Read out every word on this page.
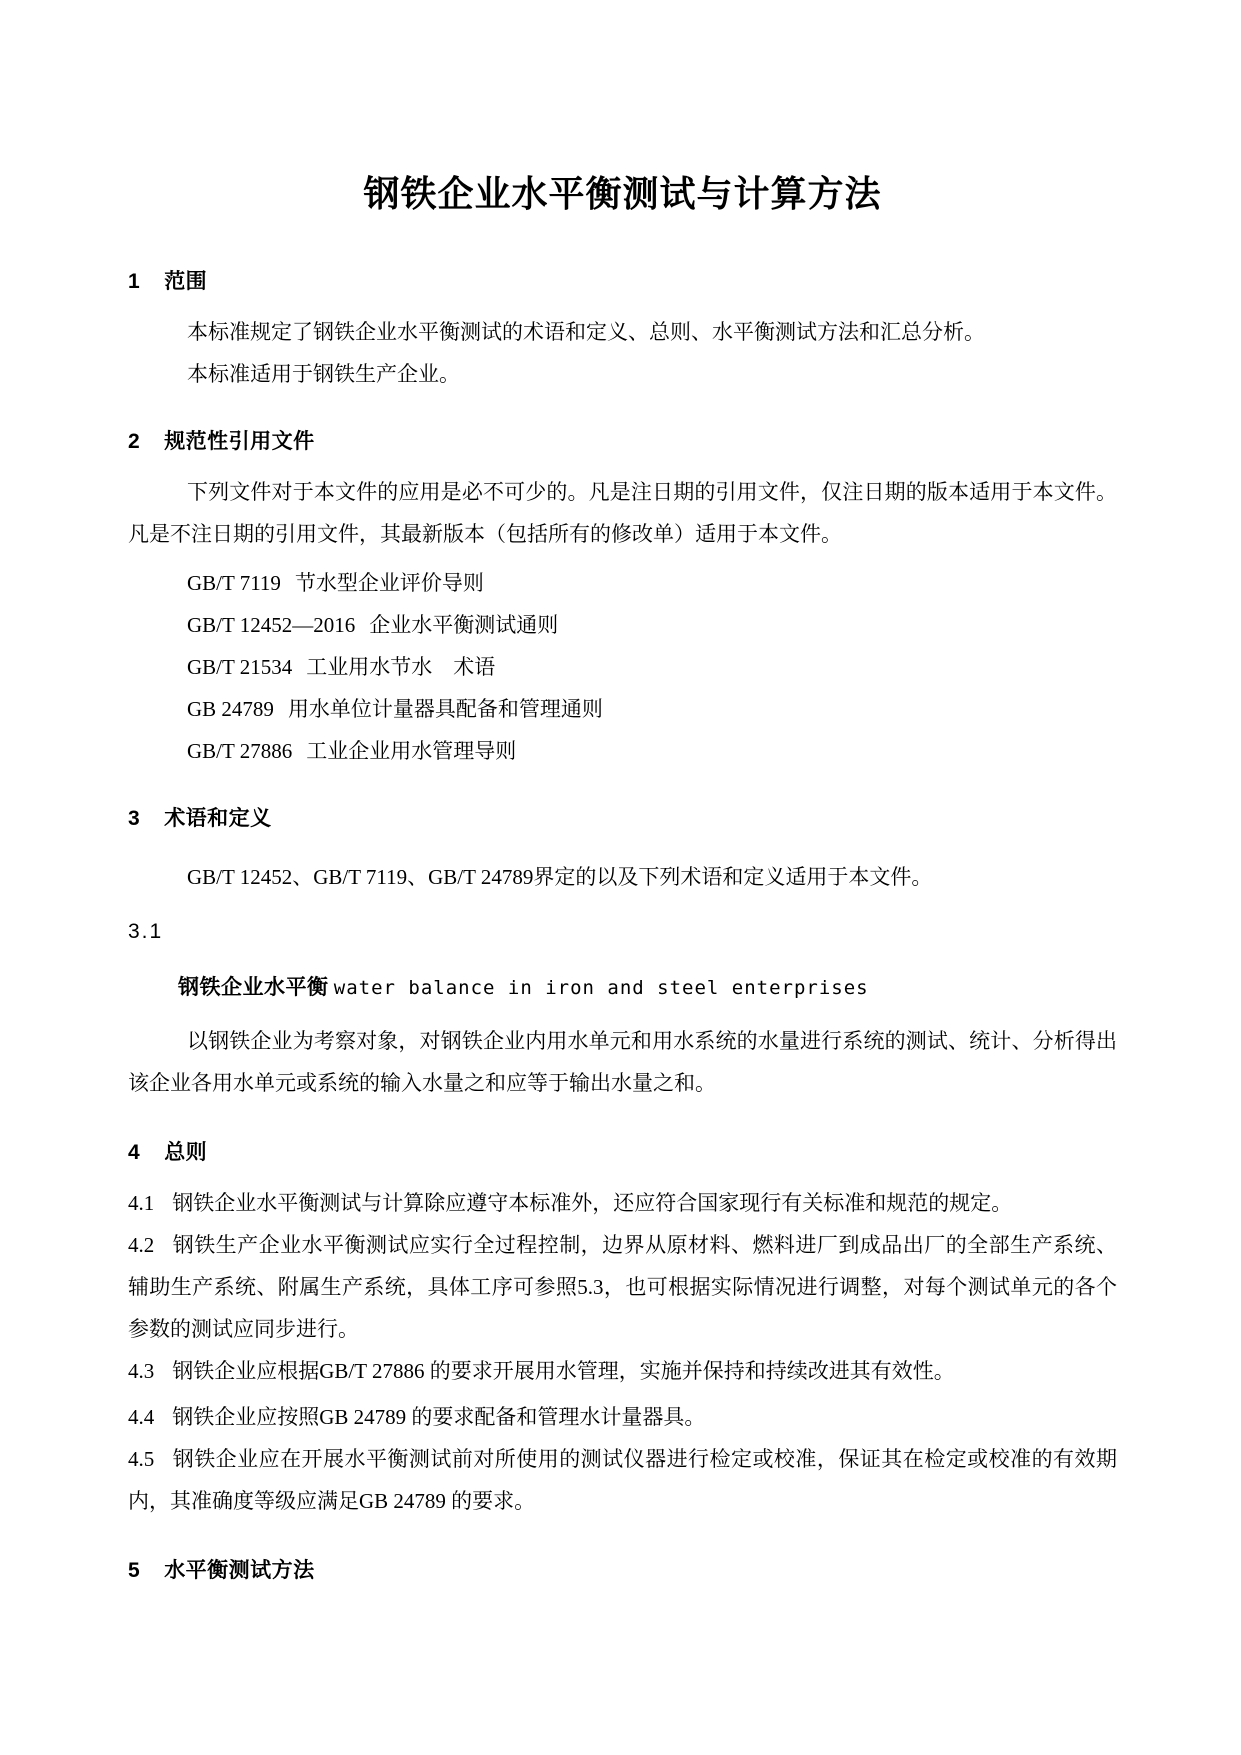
钢铁企业水平衡测试与计算方法
1 范围

本标准规定了钢铁企业水平衡测试的术语和定义、总则、水平衡测试方法和汇总分析。

本标准适用于钢铁生产企业。

2 规范性引用文件

下列文件对于本文件的应用是必不可少的。凡是注日期的引用文件，仅注日期的版本适用于本文件。凡是不注日期的引用文件，其最新版本（包括所有的修改单）适用于本文件。

GB/T 7119 节水型企业评价导则
GB/T 12452—2016 企业水平衡测试通则
GB/T 21534 工业用水节水　术语
GB 24789 用水单位计量器具配备和管理通则
GB/T 27886 工业企业用水管理导则
3 术语和定义

GB/T 12452、GB/T 7119、GB/T 24789界定的以及下列术语和定义适用于本文件。

3.1

钢铁企业水平衡 water balance in iron and steel enterprises

以钢铁企业为考察对象，对钢铁企业内用水单元和用水系统的水量进行系统的测试、统计、分析得出该企业各用水单元或系统的输入水量之和应等于输出水量之和。

4 总则

4.1 钢铁企业水平衡测试与计算除应遵守本标准外，还应符合国家现行有关标准和规范的规定。

4.2 钢铁生产企业水平衡测试应实行全过程控制，边界从原材料、燃料进厂到成品出厂的全部生产系统、辅助生产系统、附属生产系统，具体工序可参照5.3，也可根据实际情况进行调整，对每个测试单元的各个参数的测试应同步进行。

4.3 钢铁企业应根据GB/T 27886 的要求开展用水管理，实施并保持和持续改进其有效性。

4.4 钢铁企业应按照GB 24789 的要求配备和管理水计量器具。

4.5 钢铁企业应在开展水平衡测试前对所使用的测试仪器进行检定或校准，保证其在检定或校准的有效期内，其准确度等级应满足GB 24789 的要求。

5 水平衡测试方法
